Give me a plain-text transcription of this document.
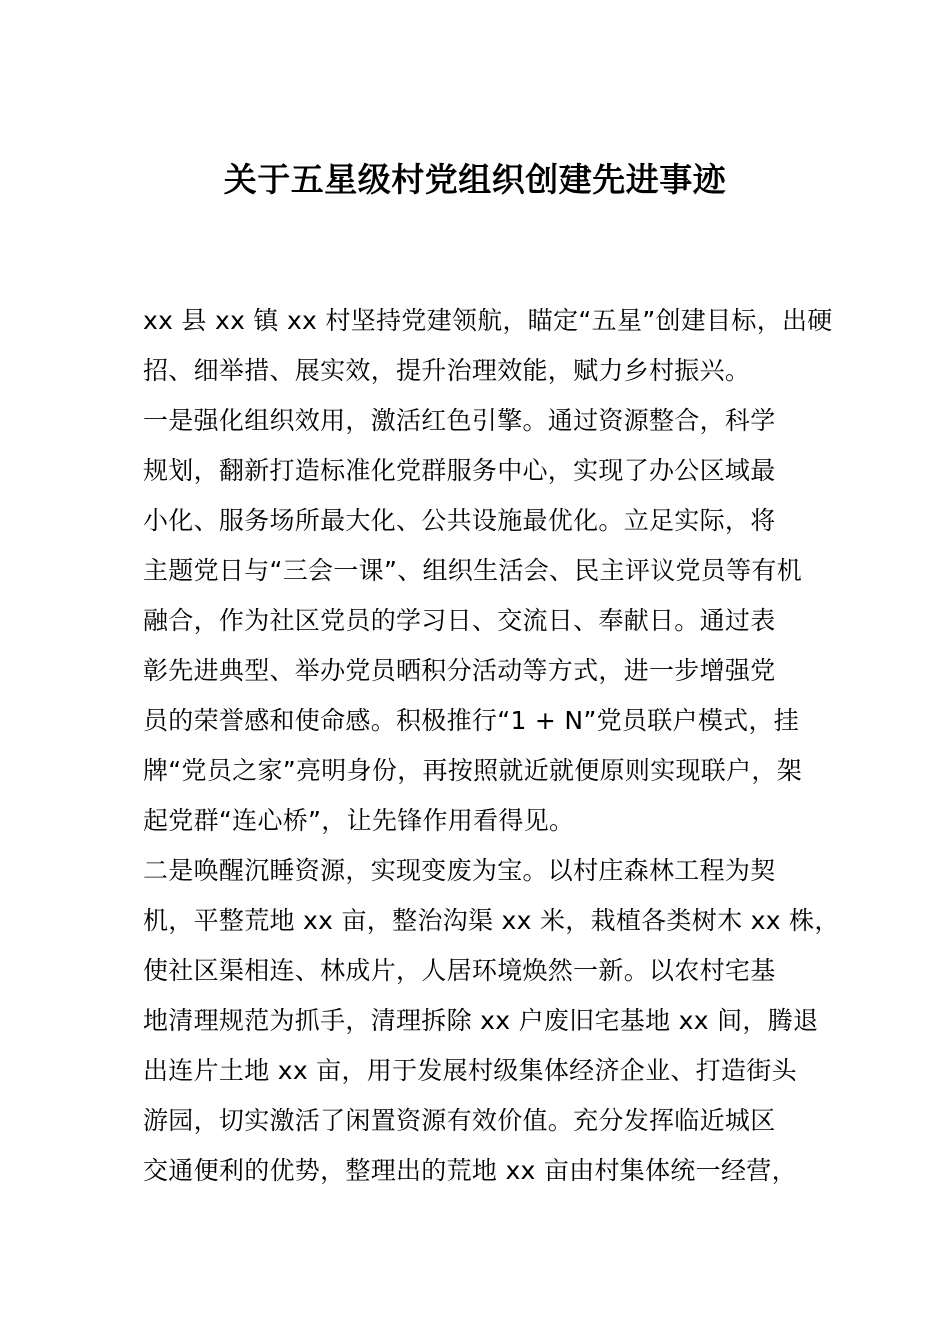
关于五星级村党组织创建先进事迹
xx 县 xx 镇 xx 村坚持党建领航，瞄定“五星”创建目标，出硬
招、细举措、展实效，提升治理效能，赋力乡村振兴。
一是强化组织效用，激活红色引擎。通过资源整合，科学
规划，翻新打造标准化党群服务中心，实现了办公区域最
小化、服务场所最大化、公共设施最优化。立足实际，将
主题党日与“三会一课”、组织生活会、民主评议党员等有机
融合，作为社区党员的学习日、交流日、奉献日。通过表
彰先进典型、举办党员晒积分活动等方式，进一步增强党
员的荣誉感和使命感。积极推行“1 + N”党员联户模式，挂
牌“党员之家”亮明身份，再按照就近就便原则实现联户，架
起党群“连心桥”，让先锋作用看得见。
二是唤醒沉睡资源，实现变废为宝。以村庄森林工程为契
机，平整荒地 xx 亩，整治沟渠 xx 米，栽植各类树木 xx 株，
使社区渠相连、林成片，人居环境焕然一新。以农村宅基
地清理规范为抓手，清理拆除 xx 户废旧宅基地 xx 间，腾退
出连片土地 xx 亩，用于发展村级集体经济企业、打造街头
游园，切实激活了闲置资源有效价值。充分发挥临近城区
交通便利的优势，整理出的荒地 xx 亩由村集体统一经营，
